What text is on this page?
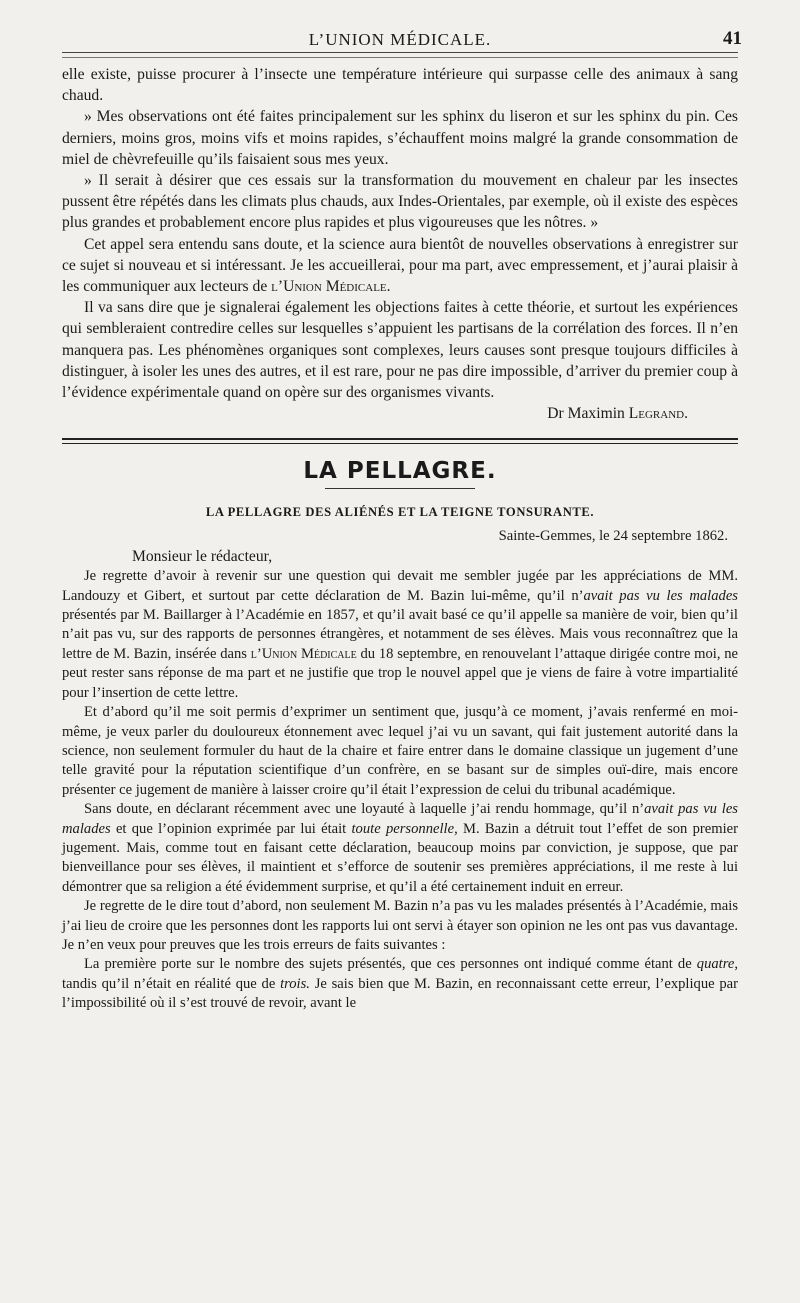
L’UNION MÉDICALE.	41

elle existe, puisse procurer à l’insecte une température intérieure qui surpasse celle des animaux à sang chaud.

» Mes observations ont été faites principalement sur les sphinx du liseron et sur les sphinx du pin. Ces derniers, moins gros, moins vifs et moins rapides, s’échauffent moins malgré la grande consommation de miel de chèvrefeuille qu’ils faisaient sous mes yeux.

» Il serait à désirer que ces essais sur la transformation du mouvement en chaleur par les insectes pussent être répétés dans les climats plus chauds, aux Indes-Orientales, par exemple, où il existe des espèces plus grandes et probablement encore plus rapides et plus vigoureuses que les nôtres. »

Cet appel sera entendu sans doute, et la science aura bientôt de nouvelles observations à enregistrer sur ce sujet si nouveau et si intéressant. Je les accueillerai, pour ma part, avec empressement, et j’aurai plaisir à les communiquer aux lecteurs de l’Union Médicale.

Il va sans dire que je signalerai également les objections faites à cette théorie, et surtout les expériences qui sembleraient contredire celles sur lesquelles s’appuient les partisans de la corrélation des forces. Il n’en manquera pas. Les phénomènes organiques sont complexes, leurs causes sont presque toujours difficiles à distinguer, à isoler les unes des autres, et il est rare, pour ne pas dire impossible, d’arriver du premier coup à l’évidence expérimentale quand on opère sur des organismes vivants.

Dr Maximin Legrand.
LA PELLAGRE.
LA PELLAGRE DES ALIÉNÉS ET LA TEIGNE TONSURANTE.
Sainte-Gemmes, le 24 septembre 1862.
Monsieur le rédacteur,

Je regrette d’avoir à revenir sur une question qui devait me sembler jugée par les appréciations de MM. Landouzy et Gibert, et surtout par cette déclaration de M. Bazin lui-même, qu’il n’avait pas vu les malades présentés par M. Baillarger à l’Académie en 1857, et qu’il avait basé ce qu’il appelle sa manière de voir, bien qu’il n’ait pas vu, sur des rapports de personnes étrangères, et notamment de ses élèves. Mais vous reconnaîtrez que la lettre de M. Bazin, insérée dans l’Union Médicale du 18 septembre, en renouvelant l’attaque dirigée contre moi, ne peut rester sans réponse de ma part et ne justifie que trop le nouvel appel que je viens de faire à votre impartialité pour l’insertion de cette lettre.

Et d’abord qu’il me soit permis d’exprimer un sentiment que, jusqu’à ce moment, j’avais renfermé en moi-même, je veux parler du douloureux étonnement avec lequel j’ai vu un savant, qui fait justement autorité dans la science, non seulement formuler du haut de la chaire et faire entrer dans le domaine classique un jugement d’une telle gravité pour la réputation scientifique d’un confrère, en se basant sur de simples ouï-dire, mais encore présenter ce jugement de manière à laisser croire qu’il était l’expression de celui du tribunal académique.

Sans doute, en déclarant récemment avec une loyauté à laquelle j’ai rendu hommage, qu’il n’avait pas vu les malades et que l’opinion exprimée par lui était toute personnelle, M. Bazin a détruit tout l’effet de son premier jugement. Mais, comme tout en faisant cette déclaration, beaucoup moins par conviction, je suppose, que par bienveillance pour ses élèves, il maintient et s’efforce de soutenir ses premières appréciations, il me reste à lui démontrer que sa religion a été évidemment surprise, et qu’il a été certainement induit en erreur.

Je regrette de le dire tout d’abord, non seulement M. Bazin n’a pas vu les malades présentés à l’Académie, mais j’ai lieu de croire que les personnes dont les rapports lui ont servi à étayer son opinion ne les ont pas vus davantage. Je n’en veux pour preuves que les trois erreurs de faits suivantes :

La première porte sur le nombre des sujets présentés, que ces personnes ont indiqué comme étant de quatre, tandis qu’il n’était en réalité que de trois. Je sais bien que M. Bazin, en reconnaissant cette erreur, l’explique par l’impossibilité où il s’est trouvé de revoir, avant le
